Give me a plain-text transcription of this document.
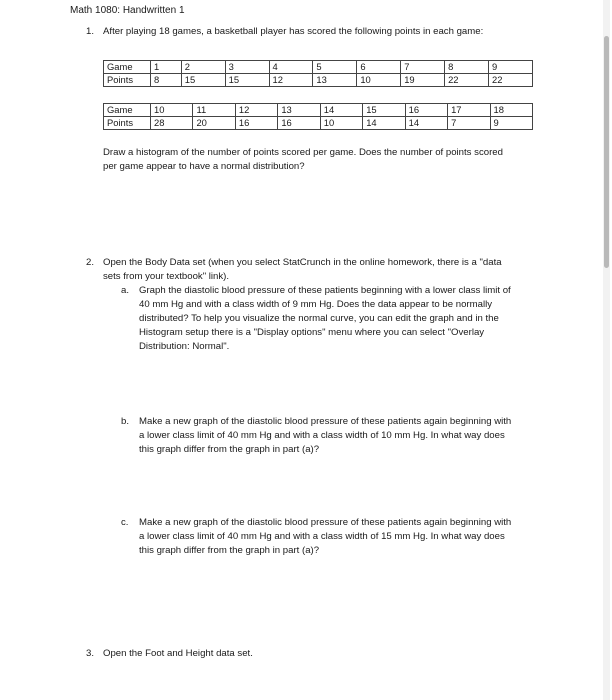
Math 1080: Handwritten 1
1. After playing 18 games, a basketball player has scored the following points in each game:
Game	1	2	3	4	5	6	7	8	9
Points	8	15	15	12	13	10	19	22	22
Game	10	11	12	13	14	15	16	17	18
Points	28	20	16	16	10	14	14	7	9
Draw a histogram of the number of points scored per game. Does the number of points scored
per game appear to have a normal distribution?
2. Open the Body Data set (when you select StatCrunch in the online homework, there is a "data
sets from your textbook" link).
a. Graph the diastolic blood pressure of these patients beginning with a lower class limit of
40 mm Hg and with a class width of 9 mm Hg. Does the data appear to be normally
distributed? To help you visualize the normal curve, you can edit the graph and in the
Histogram setup there is a "Display options" menu where you can select "Overlay
Distribution: Normal".
b. Make a new graph of the diastolic blood pressure of these patients again beginning with
a lower class limit of 40 mm Hg and with a class width of 10 mm Hg. In what way does
this graph differ from the graph in part (a)?
c. Make a new graph of the diastolic blood pressure of these patients again beginning with
a lower class limit of 40 mm Hg and with a class width of 15 mm Hg. In what way does
this graph differ from the graph in part (a)?
3. Open the Foot and Height data set.
